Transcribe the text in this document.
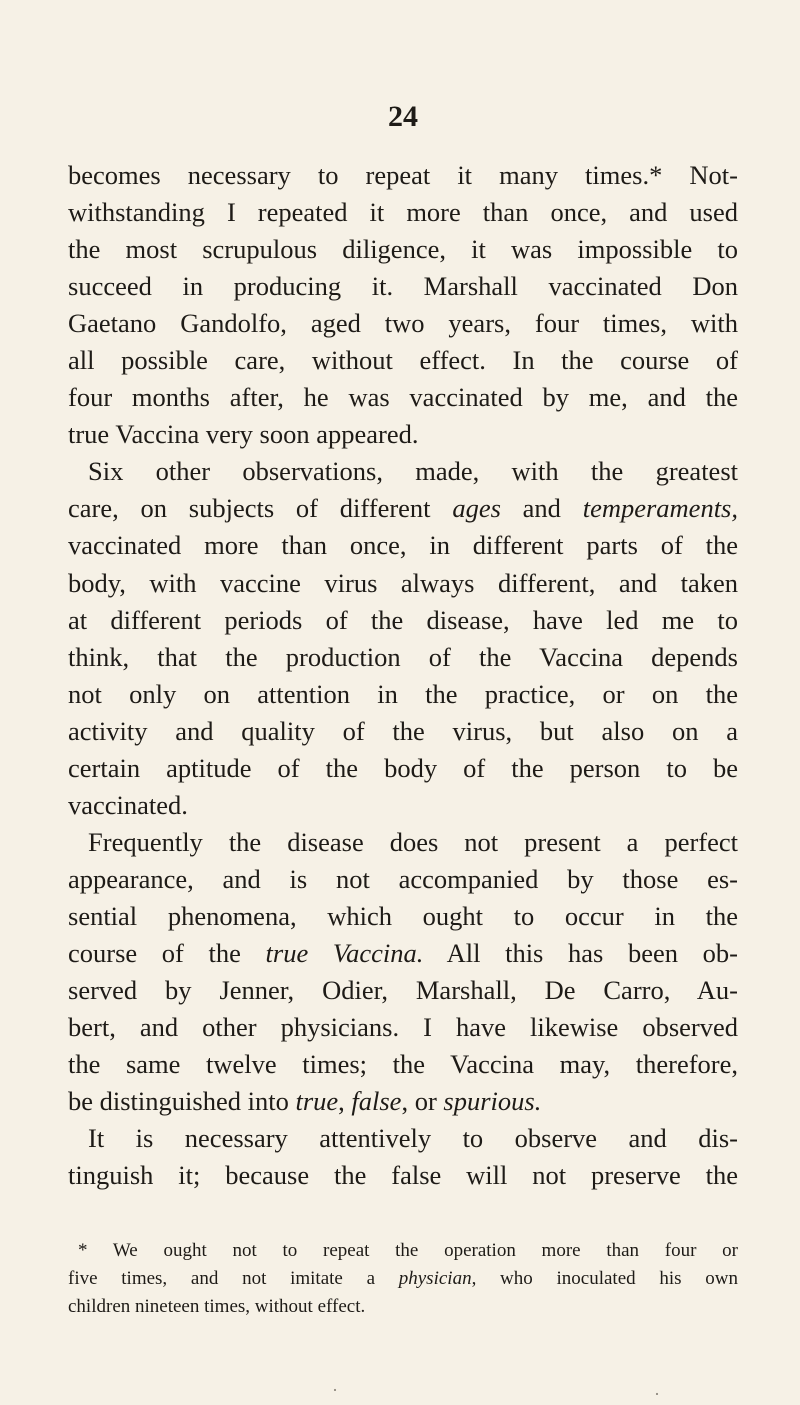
24
becomes necessary to repeat it many times.* Not-
withstanding I repeated it more than once, and used
the most scrupulous diligence, it was impossible to
succeed in producing it. Marshall vaccinated Don
Gaetano Gandolfo, aged two years, four times, with
all possible care, without effect. In the course of
four months after, he was vaccinated by me, and the
true Vaccina very soon appeared.
Six other observations, made, with the greatest
care, on subjects of different ages and temperaments,
vaccinated more than once, in different parts of the
body, with vaccine virus always different, and taken
at different periods of the disease, have led me to
think, that the production of the Vaccina depends
not only on attention in the practice, or on the
activity and quality of the virus, but also on a
certain aptitude of the body of the person to be
vaccinated.
Frequently the disease does not present a perfect
appearance, and is not accompanied by those es-
sential phenomena, which ought to occur in the
course of the true Vaccina. All this has been ob-
served by Jenner, Odier, Marshall, De Carro, Au-
bert, and other physicians. I have likewise observed
the same twelve times; the Vaccina may, therefore,
be distinguished into true, false, or spurious.
It is necessary attentively to observe and dis-
tinguish it; because the false will not preserve the
* We ought not to repeat the operation more than four or
five times, and not imitate a physician, who inoculated his own
children nineteen times, without effect.
·
·
